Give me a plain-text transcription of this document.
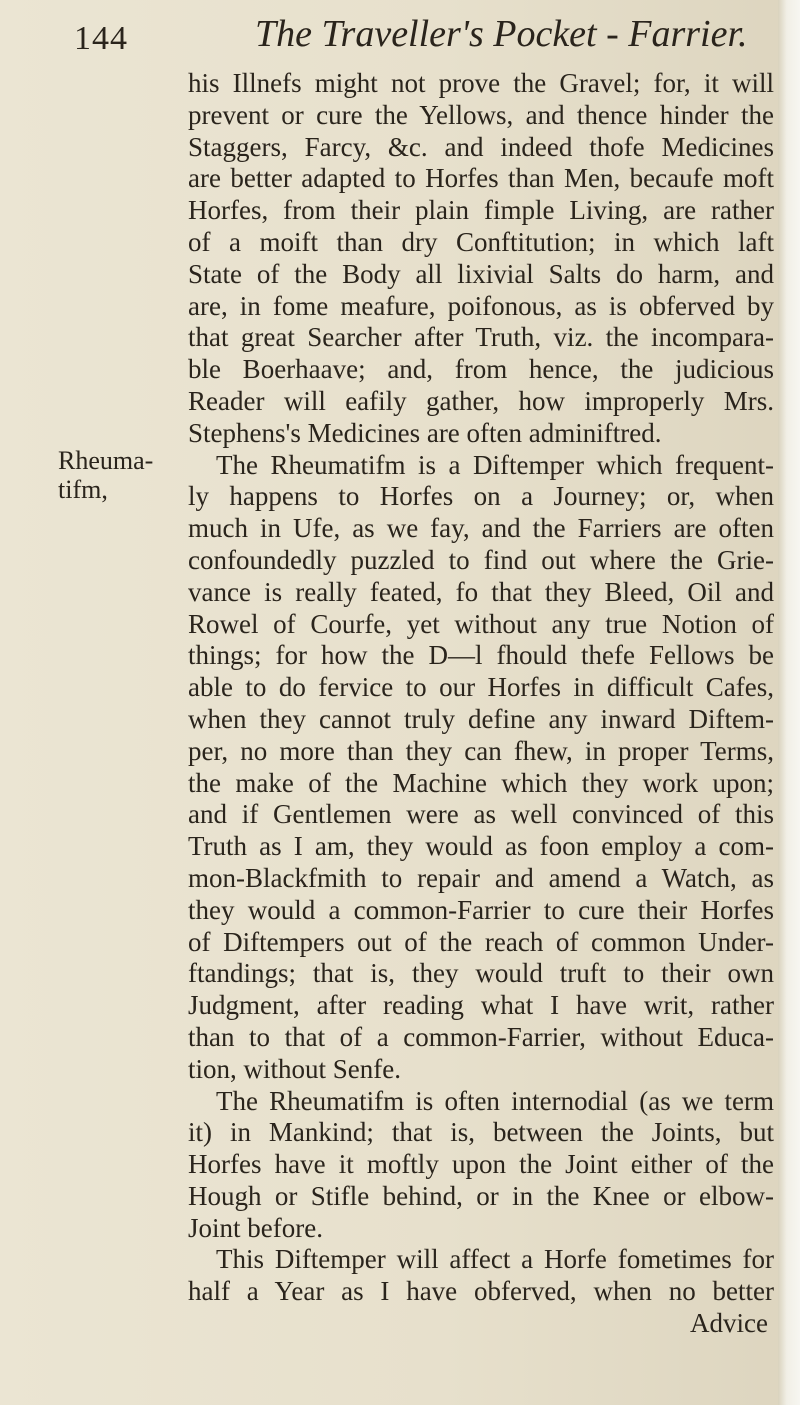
144	The Traveller's Pocket - Farrier.
Rheuma-
tifm,
his Illnefs might not prove the Gravel; for, it will
prevent or cure the Yellows, and thence hinder the
Staggers, Farcy, &c. and indeed thofe Medicines
are better adapted to Horfes than Men, becaufe moft
Horfes, from their plain fimple Living, are rather
of a moift than dry Conftitution; in which laft
State of the Body all lixivial Salts do harm, and
are, in fome meafure, poifonous, as is obferved by
that great Searcher after Truth, viz. the incompara-
ble Boerhaave; and, from hence, the judicious
Reader will eafily gather, how improperly Mrs.
Stephens's Medicines are often adminiftred.
The Rheumatifm is a Diftemper which frequent-
ly happens to Horfes on a Journey; or, when
much in Ufe, as we fay, and the Farriers are often
confoundedly puzzled to find out where the Grie-
vance is really feated, fo that they Bleed, Oil and
Rowel of Courfe, yet without any true Notion of
things; for how the D—l fhould thefe Fellows be
able to do fervice to our Horfes in difficult Cafes,
when they cannot truly define any inward Diftem-
per, no more than they can fhew, in proper Terms,
the make of the Machine which they work upon;
and if Gentlemen were as well convinced of this
Truth as I am, they would as foon employ a com-
mon-Blackfmith to repair and amend a Watch, as
they would a common-Farrier to cure their Horfes
of Diftempers out of the reach of common Under-
ftandings; that is, they would truft to their own
Judgment, after reading what I have writ, rather
than to that of a common-Farrier, without Educa-
tion, without Senfe.
The Rheumatifm is often internodial (as we term
it) in Mankind; that is, between the Joints, but
Horfes have it moftly upon the Joint either of the
Hough or Stifle behind, or in the Knee or elbow-
Joint before.
This Diftemper will affect a Horfe fometimes for
half a Year as I have obferved, when no better
Advice
